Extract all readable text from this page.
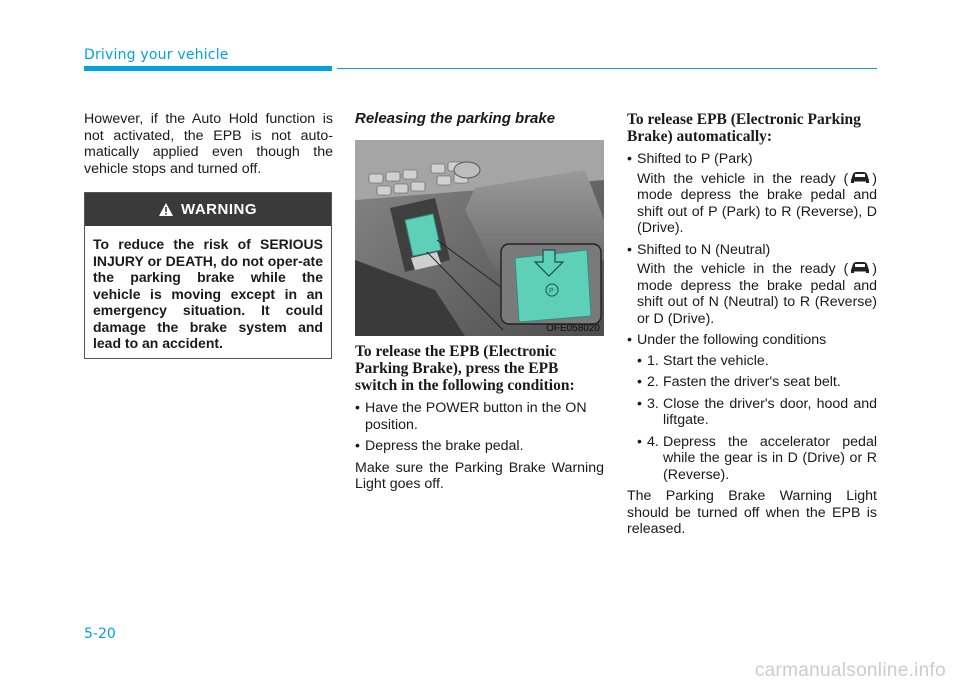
Driving your vehicle

However, if the Auto Hold function is not activated, the EPB is not auto-matically applied even though the vehicle stops and turned off.

WARNING
To reduce the risk of SERIOUS INJURY or DEATH, do not oper-ate the parking brake while the vehicle is moving except in an emergency situation. It could damage the brake system and lead to an accident.
Releasing the parking brake
P
OFE058020
To release the EPB (Electronic Parking Brake), press the EPB switch in the following condition:
• Have the POWER button in the ON position.
• Depress the brake pedal.

Make sure the Parking Brake Warning Light goes off.

To release EPB (Electronic Parking Brake) automatically:
• Shifted to P (Park)
With the vehicle in the ready ( ) mode depress the brake pedal and shift out of P (Park) to R (Reverse), D (Drive).
• Shifted to N (Neutral)
With the vehicle in the ready ( ) mode depress the brake pedal and shift out of N (Neutral) to R (Reverse) or D (Drive).
• Under the following conditions
• 1. Start the vehicle.
• 2. Fasten the driver's seat belt.
• 3. Close the driver's door, hood and liftgate.
• 4. Depress the accelerator pedal while the gear is in D (Drive) or R (Reverse).

The Parking Brake Warning Light should be turned off when the EPB is released.

5-20
carmanualsonline.info
